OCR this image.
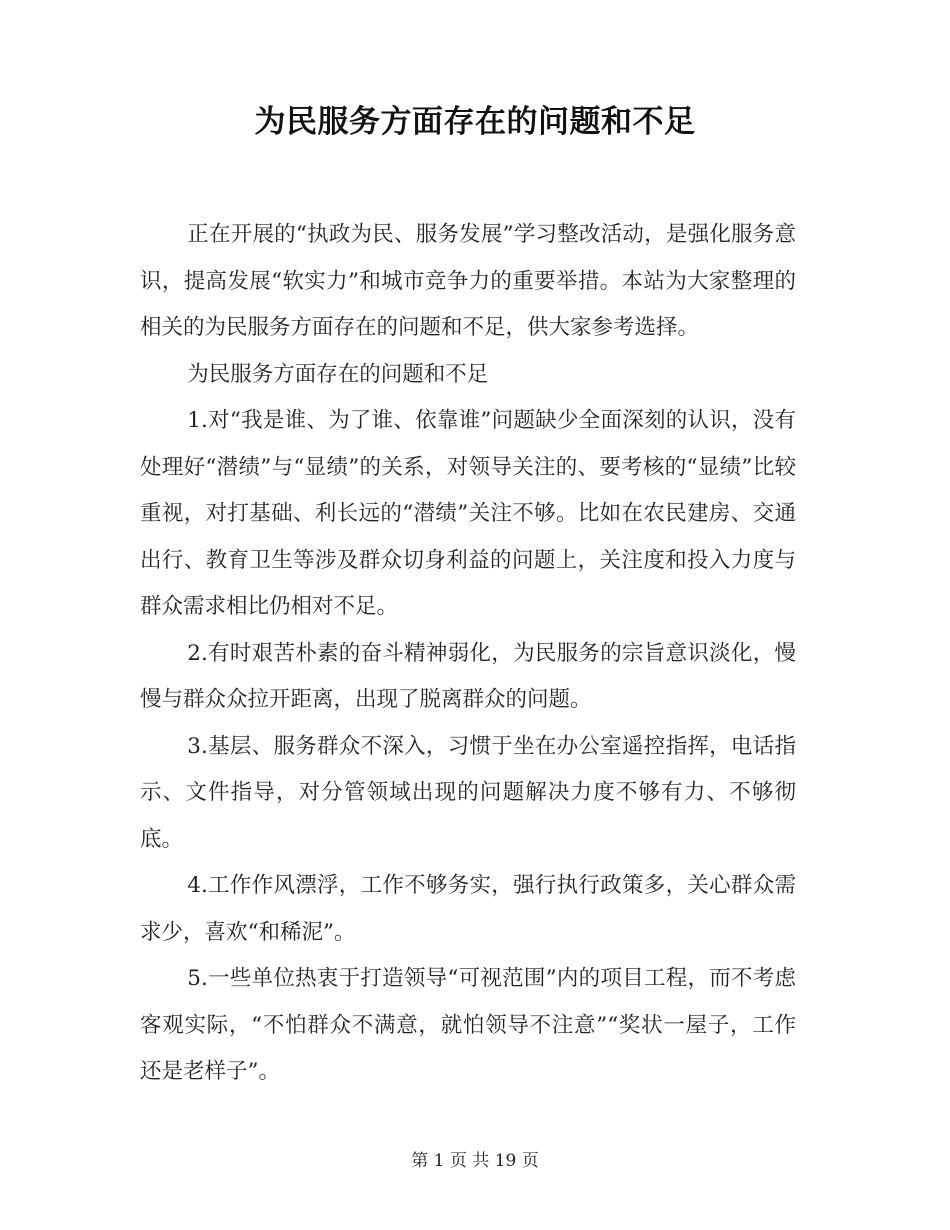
为民服务方面存在的问题和不足

正在开展的“执政为民、服务发展”学习整改活动，是强化服务意识，提高发展“软实力”和城市竞争力的重要举措。本站为大家整理的相关的为民服务方面存在的问题和不足，供大家参考选择。

为民服务方面存在的问题和不足

1.对“我是谁、为了谁、依靠谁”问题缺少全面深刻的认识，没有处理好“潜绩”与“显绩”的关系，对领导关注的、要考核的“显绩”比较重视，对打基础、利长远的“潜绩”关注不够。比如在农民建房、交通出行、教育卫生等涉及群众切身利益的问题上，关注度和投入力度与群众需求相比仍相对不足。

2.有时艰苦朴素的奋斗精神弱化，为民服务的宗旨意识淡化，慢慢与群众众拉开距离，出现了脱离群众的问题。

3.基层、服务群众不深入，习惯于坐在办公室遥控指挥，电话指示、文件指导，对分管领域出现的问题解决力度不够有力、不够彻底。

4.工作作风漂浮，工作不够务实，强行执行政策多，关心群众需求少，喜欢“和稀泥”。

5.一些单位热衷于打造领导“可视范围”内的项目工程，而不考虑客观实际，“不怕群众不满意，就怕领导不注意”“奖状一屋子，工作还是老样子”。

第 1 页 共 19 页
